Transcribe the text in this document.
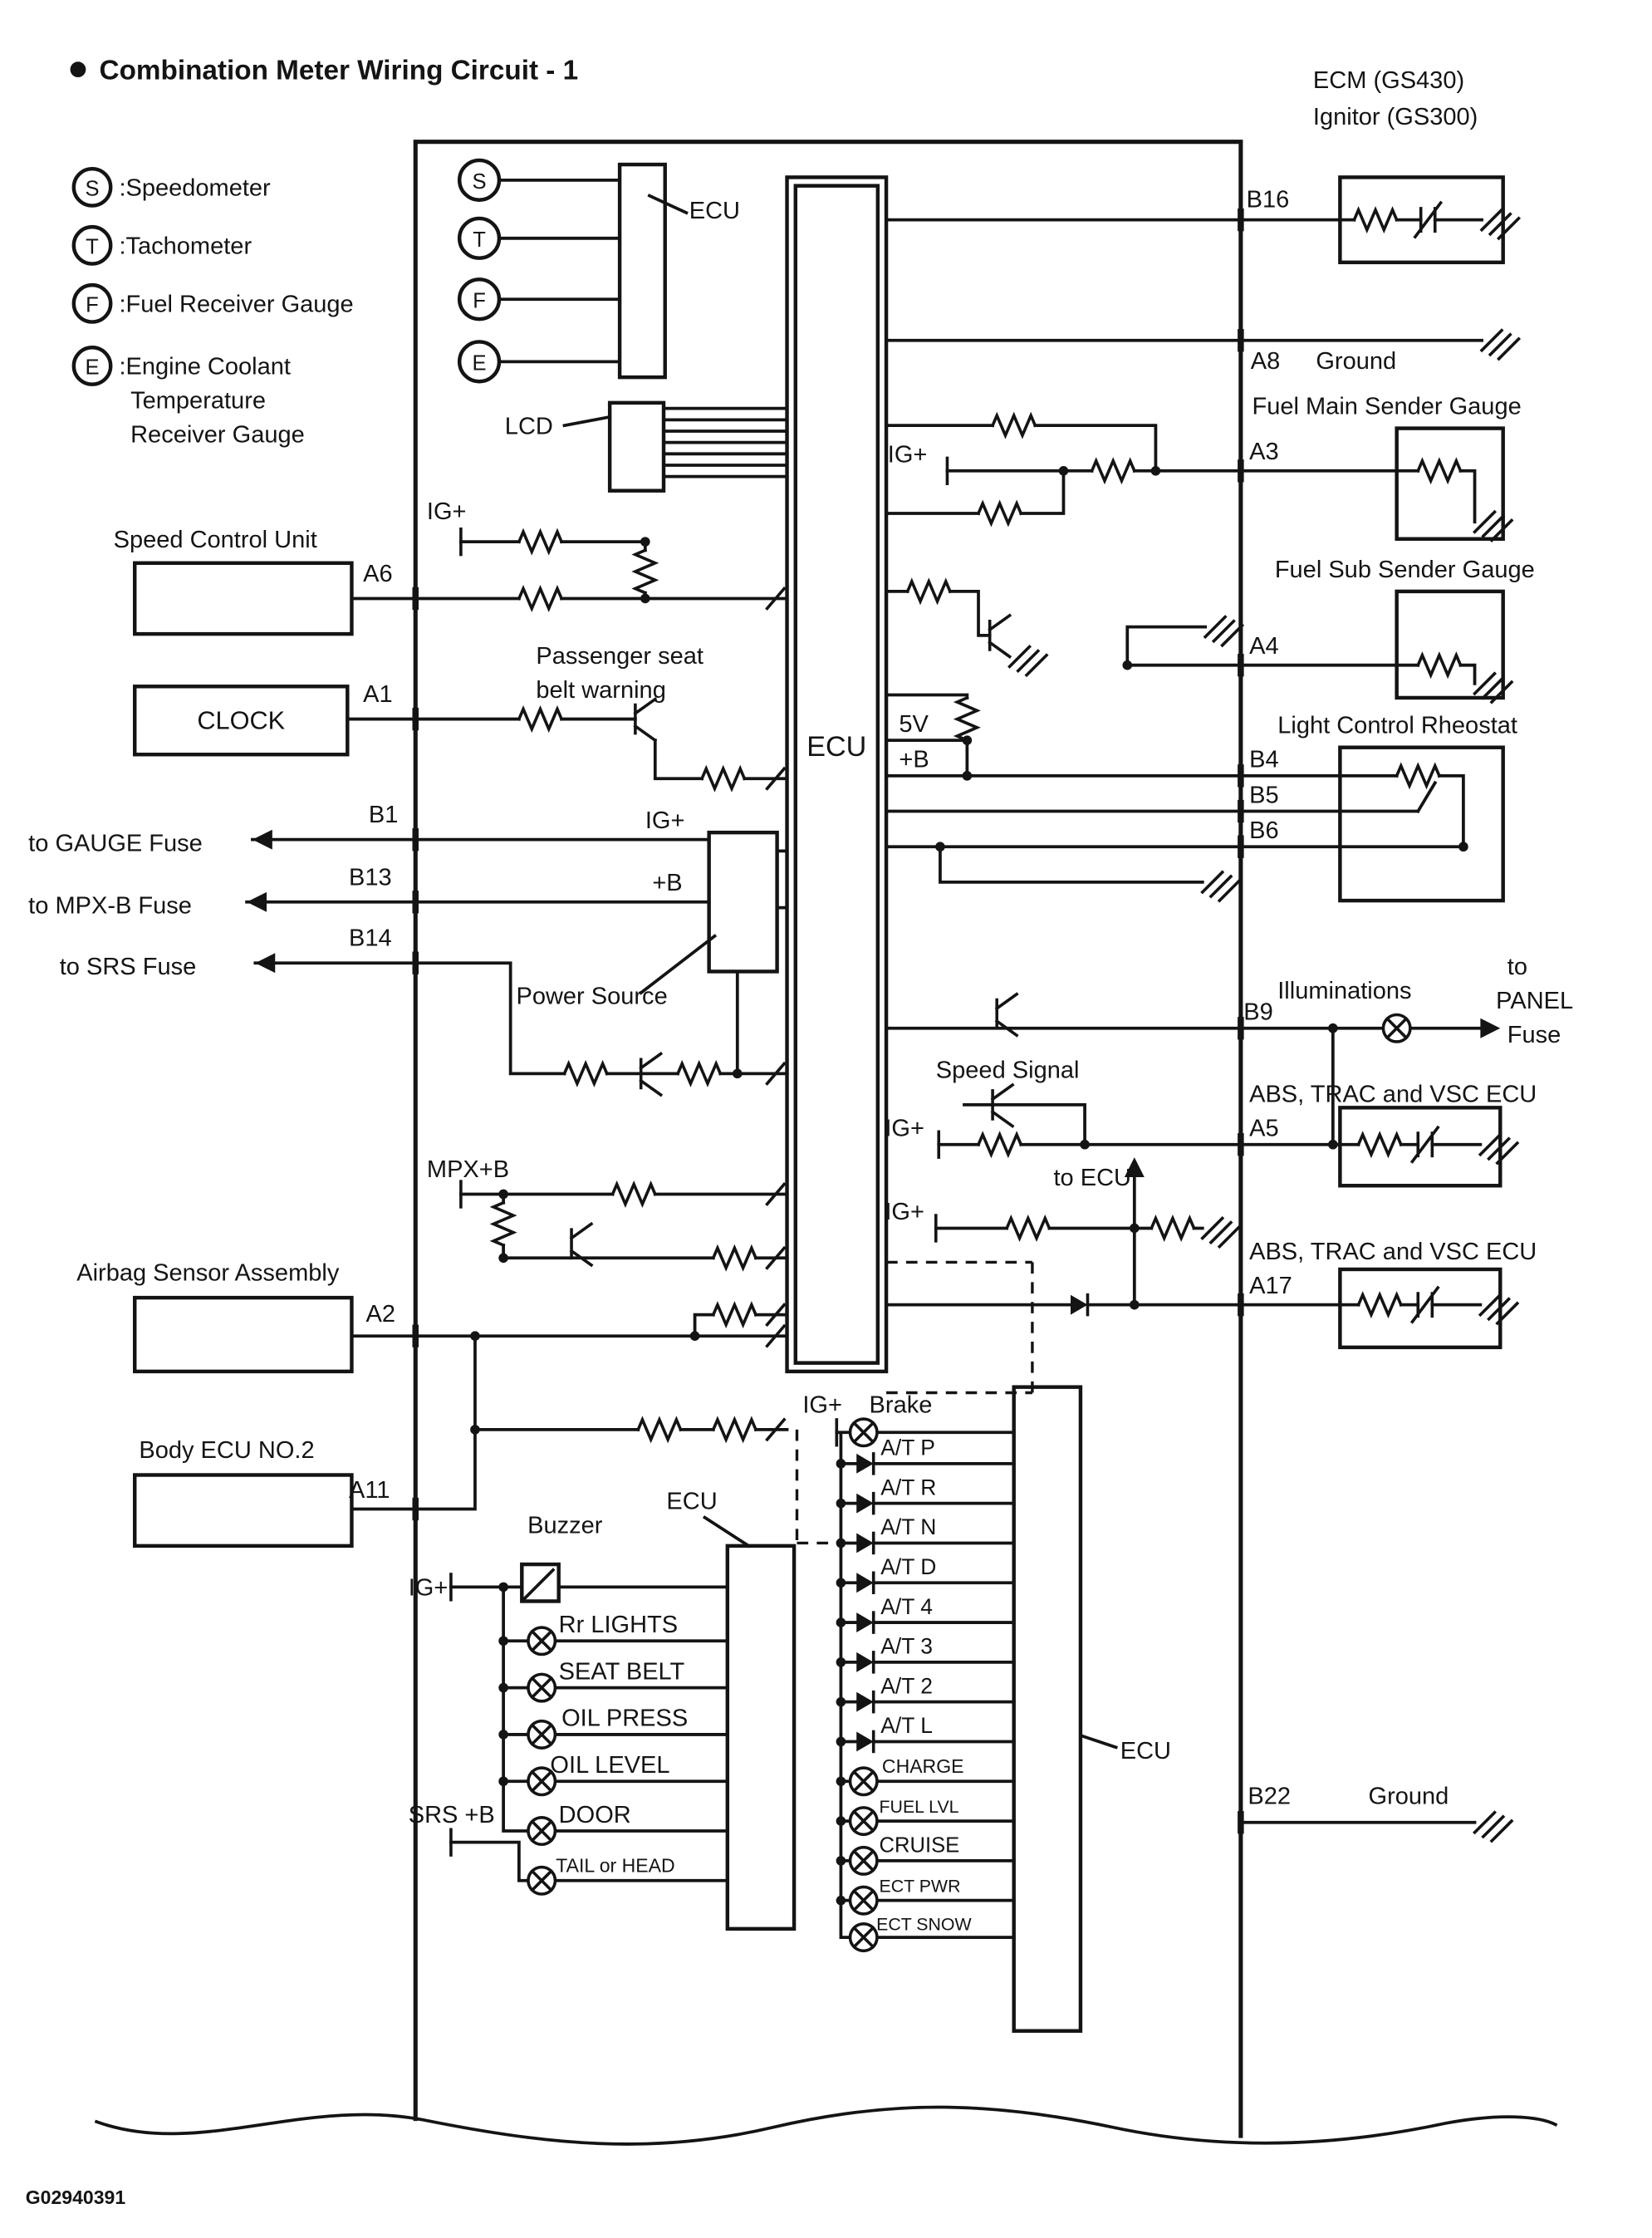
Combination Meter Wiring Circuit - 1	ECM (GS430)
Ignitor (GS300)
S :Speedometer
T :Tachometer
F :Fuel Receiver Gauge
E :Engine Coolant
Temperature
Receiver Gauge
S
T
F
E
ECU
LCD
ECU
Speed Control Unit
A6
IG+
CLOCK
A1
Passenger seat
belt warning
B1
to GAUGE Fuse
B13
to MPX-B Fuse
B14
to SRS Fuse
IG+
+B
Power Source
MPX+B
Airbag Sensor Assembly
A2
Body ECU NO.2
A11
B16
A8	Ground
Fuel Main Sender Gauge
A3
IG+
Fuel Sub Sender Gauge
A4
Light Control Rheostat
B4
B5
B6
5V
+B
Illuminations
B9
to
PANEL
Fuse
Speed Signal
ABS, TRAC and VSC ECU
A5
IG+
to ECU
IG+
ABS, TRAC and VSC ECU
A17
B22	Ground
Buzzer
ECU
IG+
SRS +B
Rr LIGHTS
SEAT BELT
OIL PRESS
OIL LEVEL
DOOR
TAIL or HEAD
IG+ Brake
ECU
A/T P
A/T R
A/T N
A/T D
A/T 4
A/T 3
A/T 2
A/T L
CHARGE
FUEL LVL
CRUISE
ECT PWR
ECT SNOW
G02940391
